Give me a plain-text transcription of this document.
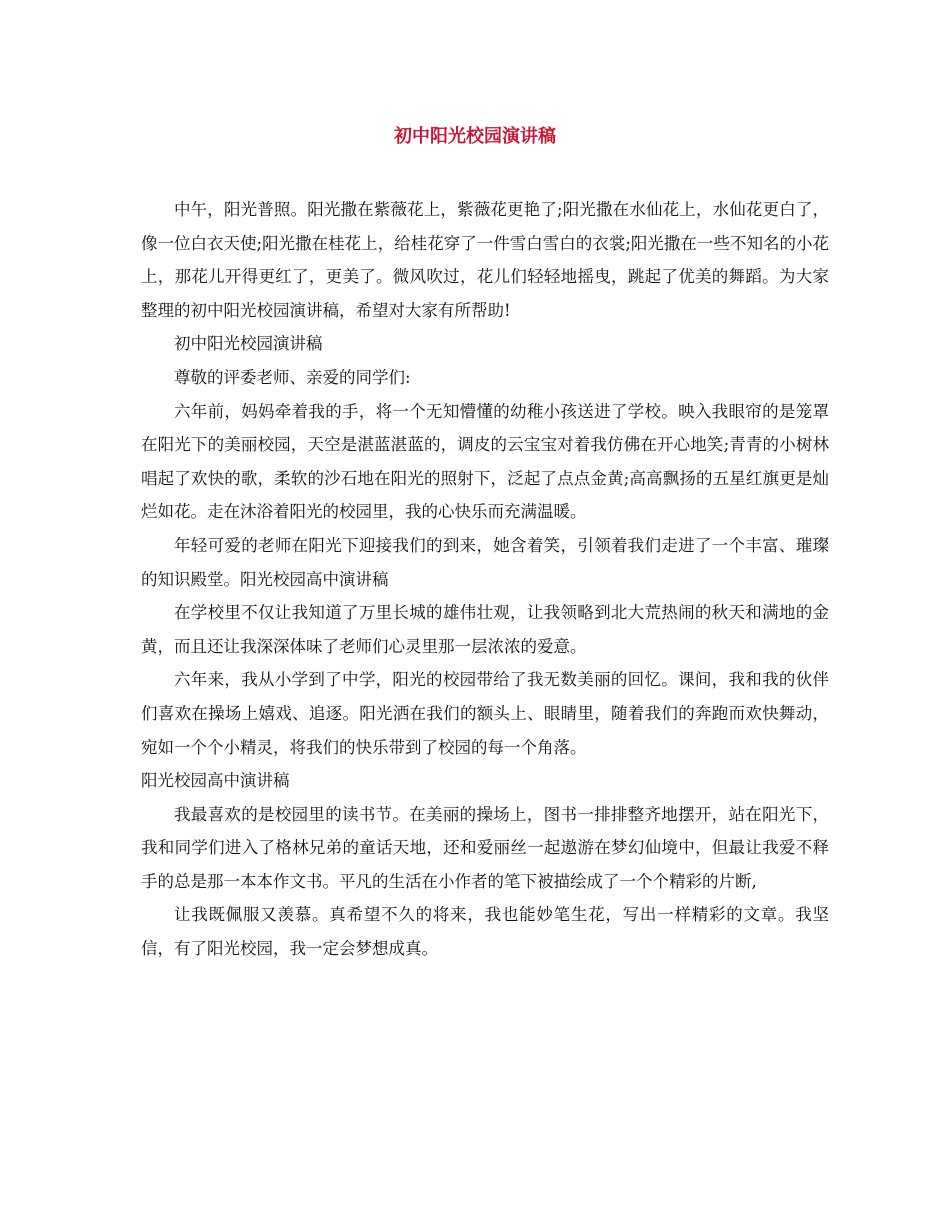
初中阳光校园演讲稿

中午，阳光普照。阳光撒在紫薇花上，紫薇花更艳了;阳光撒在水仙花上，水仙花更白了，像一位白衣天使;阳光撒在桂花上，给桂花穿了一件雪白雪白的衣裳;阳光撒在一些不知名的小花上，那花儿开得更红了，更美了。微风吹过，花儿们轻轻地摇曳，跳起了优美的舞蹈。为大家整理的初中阳光校园演讲稿，希望对大家有所帮助!

初中阳光校园演讲稿

尊敬的评委老师、亲爱的同学们:

六年前，妈妈牵着我的手，将一个无知懵懂的幼稚小孩送进了学校。映入我眼帘的是笼罩在阳光下的美丽校园，天空是湛蓝湛蓝的，调皮的云宝宝对着我仿佛在开心地笑;青青的小树林唱起了欢快的歌，柔软的沙石地在阳光的照射下，泛起了点点金黄;高高飘扬的五星红旗更是灿烂如花。走在沐浴着阳光的校园里，我的心快乐而充满温暖。

年轻可爱的老师在阳光下迎接我们的到来，她含着笑，引领着我们走进了一个丰富、璀璨的知识殿堂。阳光校园高中演讲稿

在学校里不仅让我知道了万里长城的雄伟壮观，让我领略到北大荒热闹的秋天和满地的金黄，而且还让我深深体味了老师们心灵里那一层浓浓的爱意。

六年来，我从小学到了中学，阳光的校园带给了我无数美丽的回忆。课间，我和我的伙伴们喜欢在操场上嬉戏、追逐。阳光洒在我们的额头上、眼睛里，随着我们的奔跑而欢快舞动，宛如一个个小精灵，将我们的快乐带到了校园的每一个角落。

阳光校园高中演讲稿

我最喜欢的是校园里的读书节。在美丽的操场上，图书一排排整齐地摆开，站在阳光下，我和同学们进入了格林兄弟的童话天地，还和爱丽丝一起遨游在梦幻仙境中，但最让我爱不释手的总是那一本本作文书。平凡的生活在小作者的笔下被描绘成了一个个精彩的片断,

让我既佩服又羡慕。真希望不久的将来，我也能妙笔生花，写出一样精彩的文章。我坚信，有了阳光校园，我一定会梦想成真。
